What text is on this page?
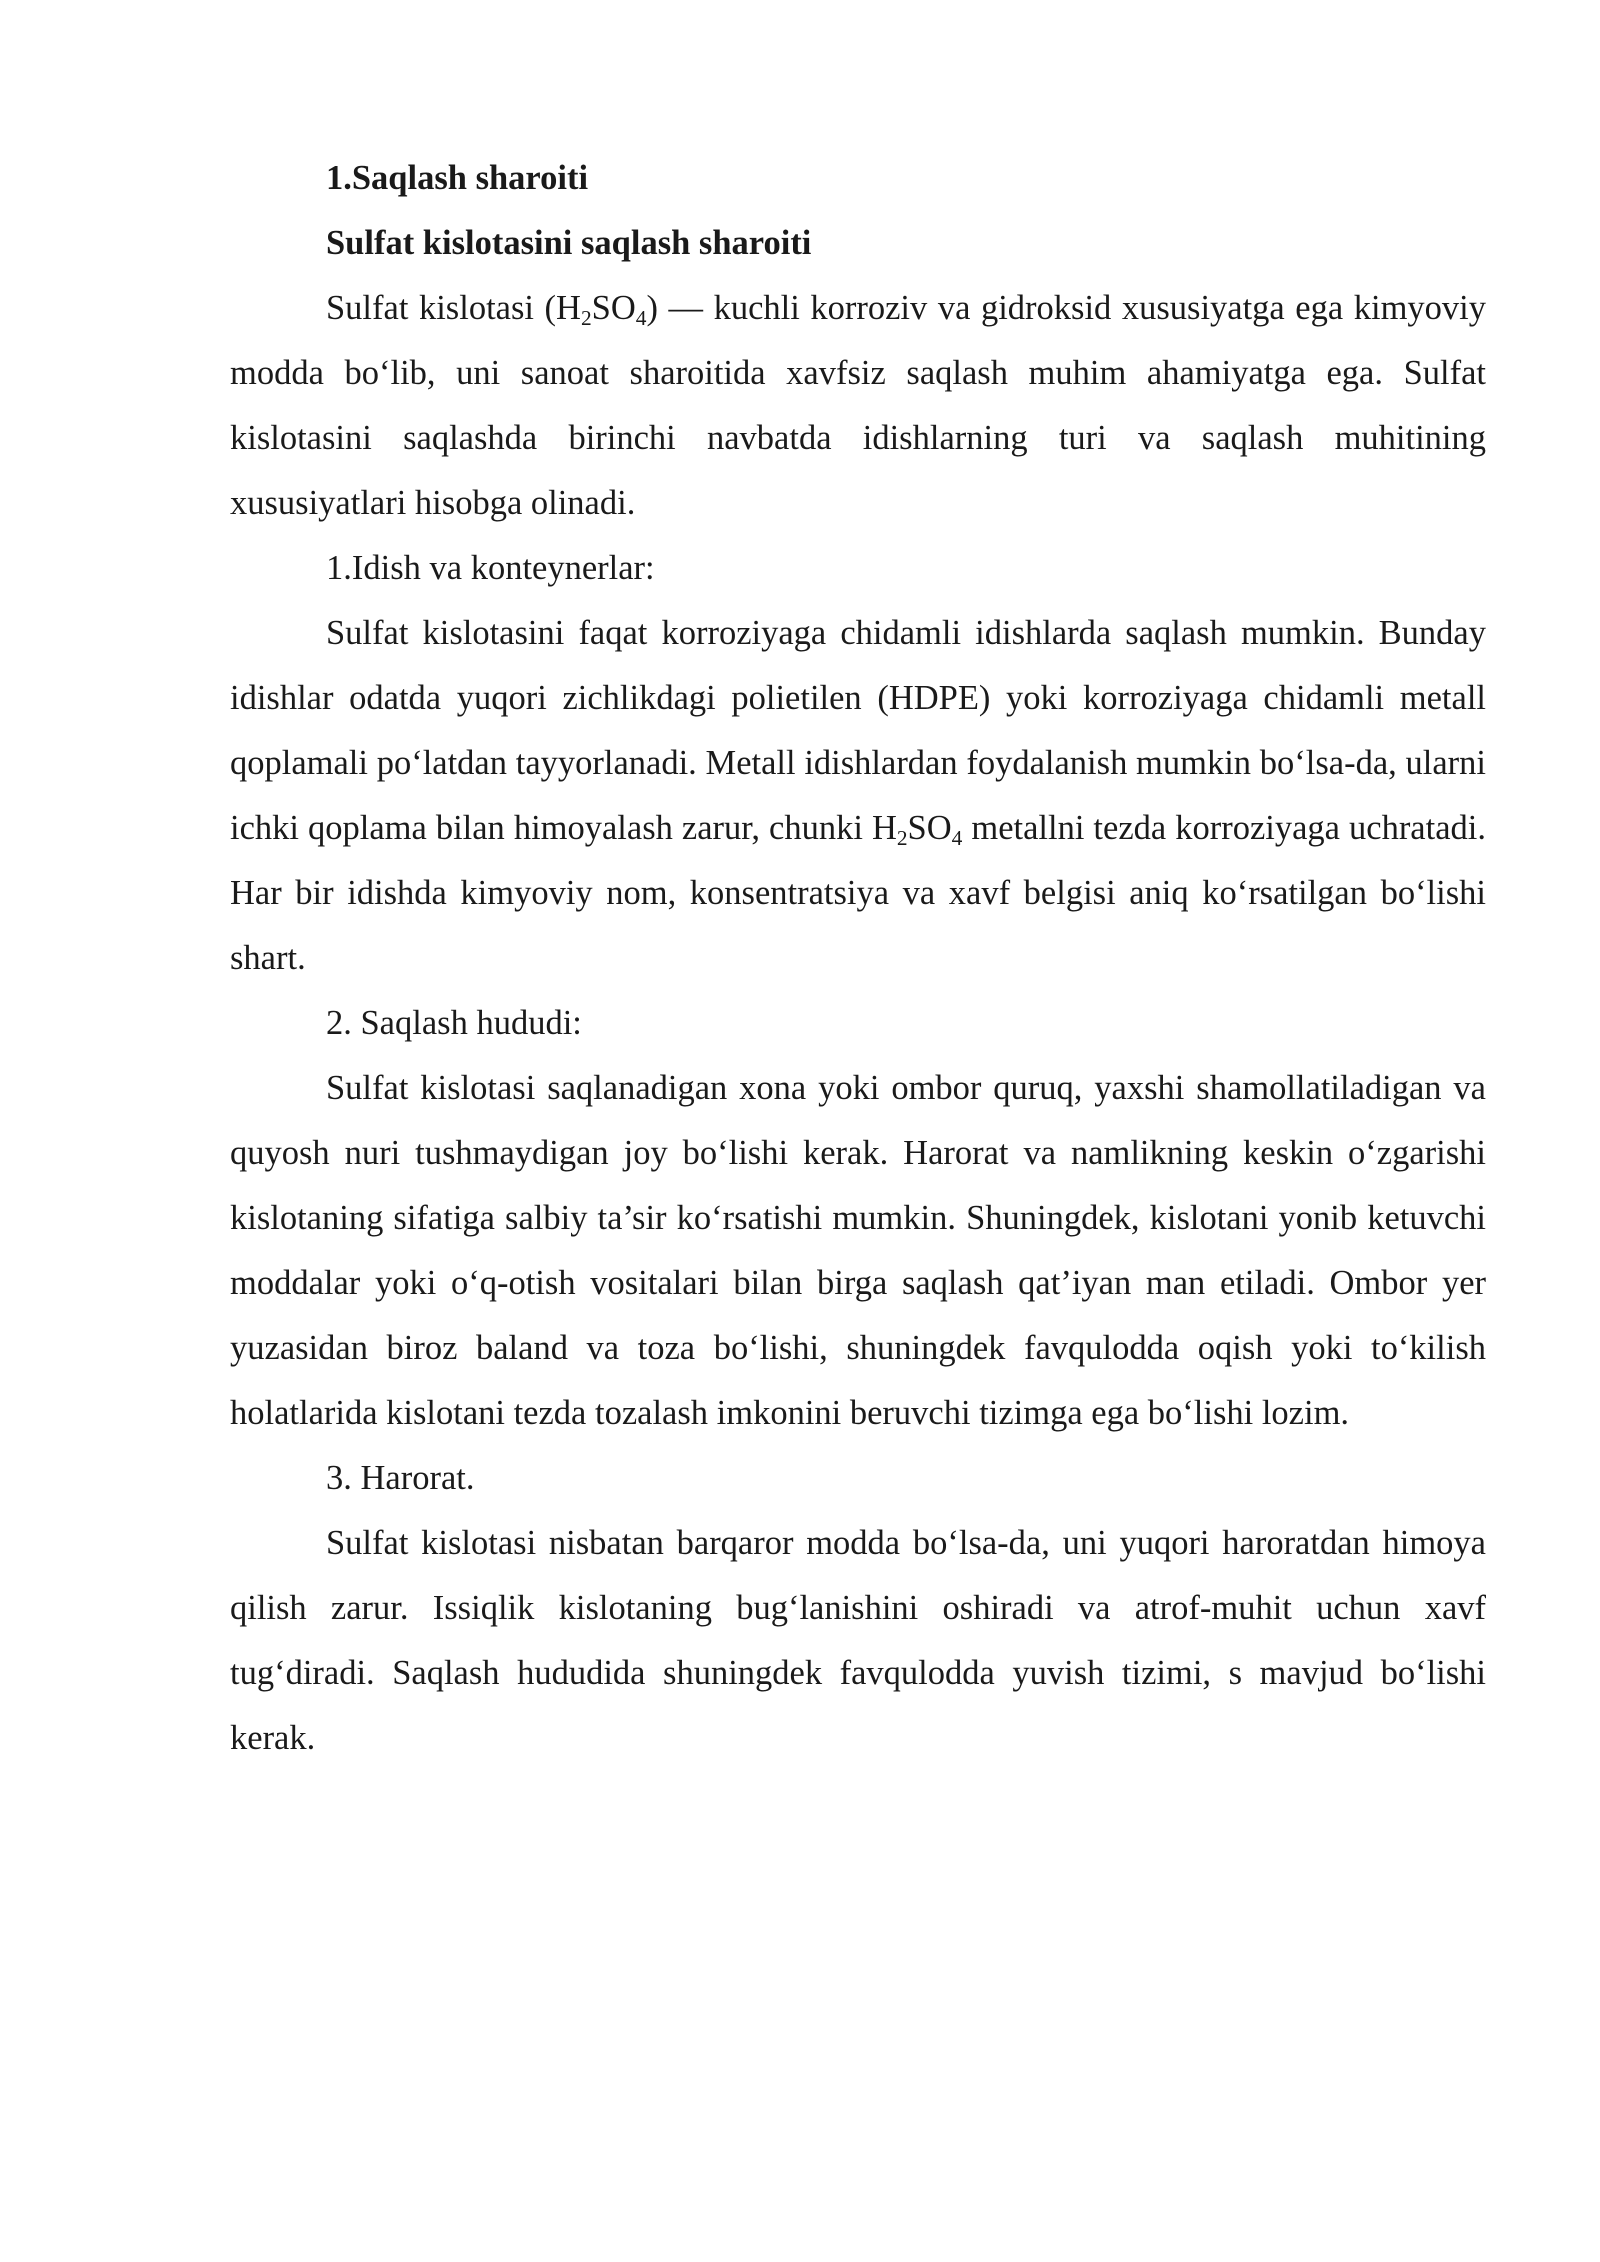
1.Saqlash sharoiti

Sulfat kislotasini saqlash sharoiti

Sulfat kislotasi $(H_2SO_4)$ — kuchli korroziv va gidroksid xususiyatga ega kimyoviy modda bo‘lib, uni sanoat sharoitida xavfsiz saqlash muhim ahamiyatga ega. Sulfat kislotasini saqlashda birinchi navbatda idishlarning turi va saqlash muhitining xususiyatlari hisobga olinadi.

1.Idish va konteynerlar:

Sulfat kislotasini faqat korroziyaga chidamli idishlarda saqlash mumkin. Bunday idishlar odatda yuqori zichlikdagi polietilen (HDPE) yoki korroziyaga chidamli metall qoplamali po‘latdan tayyorlanadi. Metall idishlardan foydalanish mumkin bo‘lsa-da, ularni ichki qoplama bilan himoyalash zarur, chunki $H_2SO_4$ metallni tezda korroziyaga uchratadi. Har bir idishda kimyoviy nom, konsentratsiya va xavf belgisi aniq ko‘rsatilgan bo‘lishi shart.

2. Saqlash hududi:

Sulfat kislotasi saqlanadigan xona yoki ombor quruq, yaxshi shamollatiladigan va quyosh nuri tushmaydigan joy bo‘lishi kerak. Harorat va namlikning keskin o‘zgarishi kislotaning sifatiga salbiy ta’sir ko‘rsatishi mumkin. Shuningdek, kislotani yonib ketuvchi moddalar yoki o‘q-otish vositalari bilan birga saqlash qat’iyan man etiladi. Ombor yer yuzasidan biroz baland va toza bo‘lishi, shuningdek favqulodda oqish yoki to‘kilish holatlarida kislotani tezda tozalash imkonini beruvchi tizimga ega bo‘lishi lozim.

3. Harorat.

Sulfat kislotasi nisbatan barqaror modda bo‘lsa-da, uni yuqori haroratdan himoya qilish zarur. Issiqlik kislotaning bug‘lanishini oshiradi va atrof-muhit uchun xavf tug‘diradi. Saqlash hududida shuningdek favqulodda yuvish tizimi, s mavjud bo‘lishi kerak.
